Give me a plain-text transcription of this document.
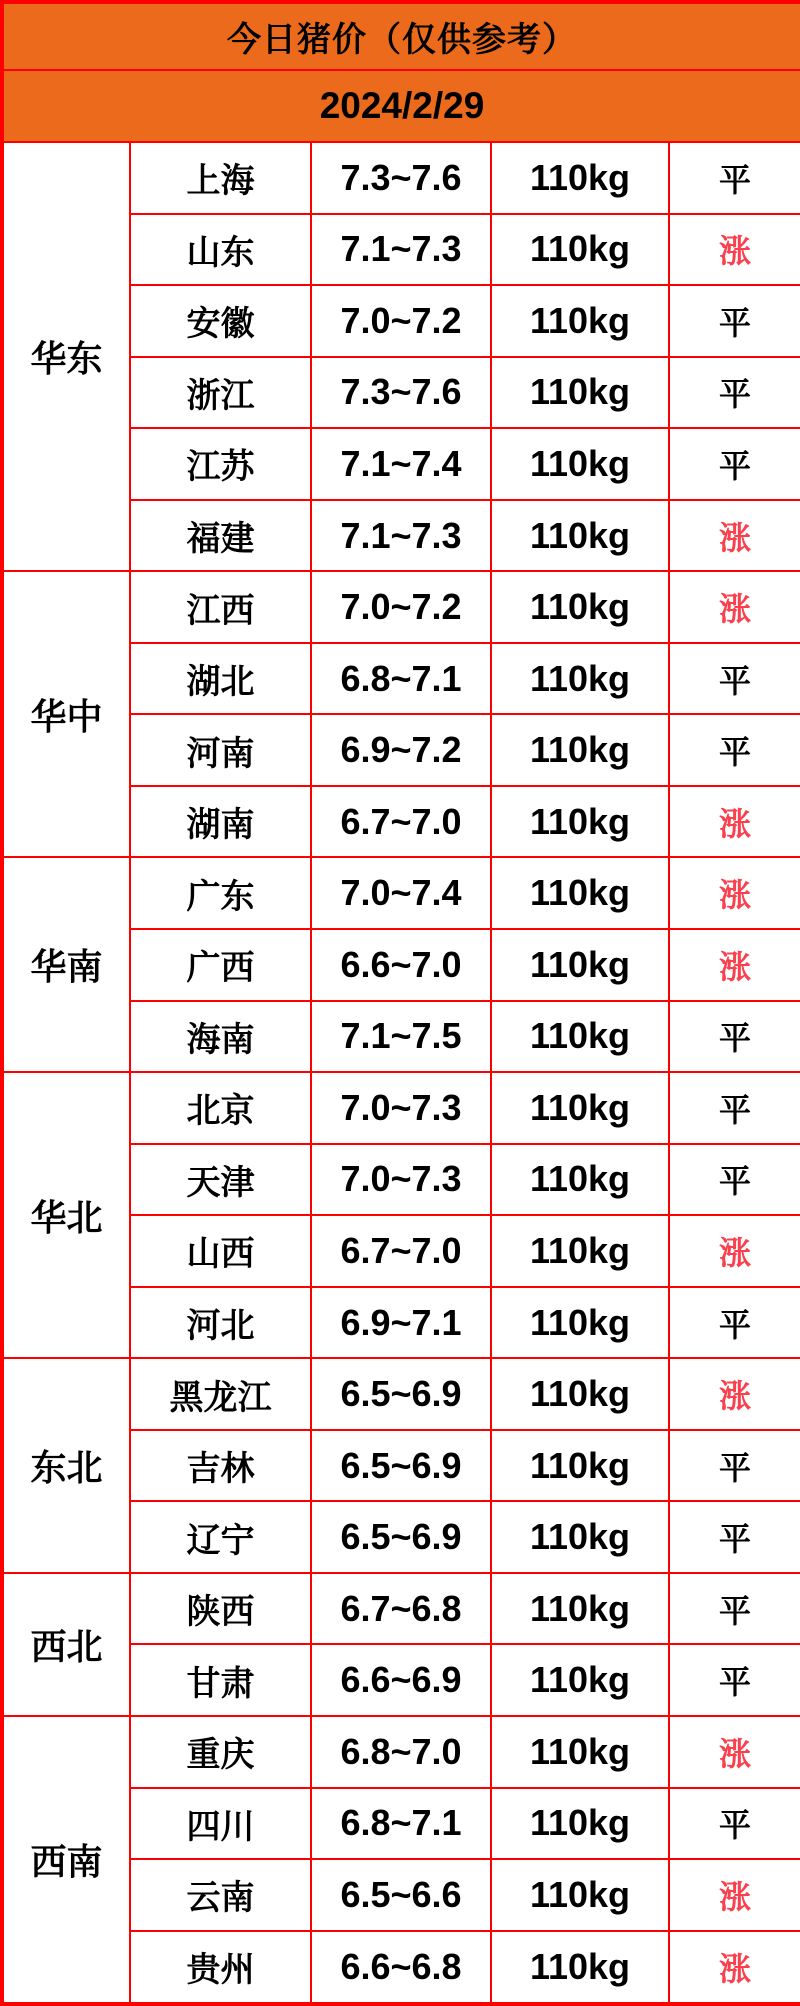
今日猪价（仅供参考）				
2024/2/29				
华东	上海	7.3~7.6	110kg	平
	山东	7.1~7.3	110kg	涨
	安徽	7.0~7.2	110kg	平
	浙江	7.3~7.6	110kg	平
	江苏	7.1~7.4	110kg	平
	福建	7.1~7.3	110kg	涨
华中	江西	7.0~7.2	110kg	涨
	湖北	6.8~7.1	110kg	平
	河南	6.9~7.2	110kg	平
	湖南	6.7~7.0	110kg	涨
华南	广东	7.0~7.4	110kg	涨
	广西	6.6~7.0	110kg	涨
	海南	7.1~7.5	110kg	平
华北	北京	7.0~7.3	110kg	平
	天津	7.0~7.3	110kg	平
	山西	6.7~7.0	110kg	涨
	河北	6.9~7.1	110kg	平
东北	黑龙江	6.5~6.9	110kg	涨
	吉林	6.5~6.9	110kg	平
	辽宁	6.5~6.9	110kg	平
西北	陕西	6.7~6.8	110kg	平
	甘肃	6.6~6.9	110kg	平
西南	重庆	6.8~7.0	110kg	涨
	四川	6.8~7.1	110kg	平
	云南	6.5~6.6	110kg	涨
	贵州	6.6~6.8	110kg	涨
